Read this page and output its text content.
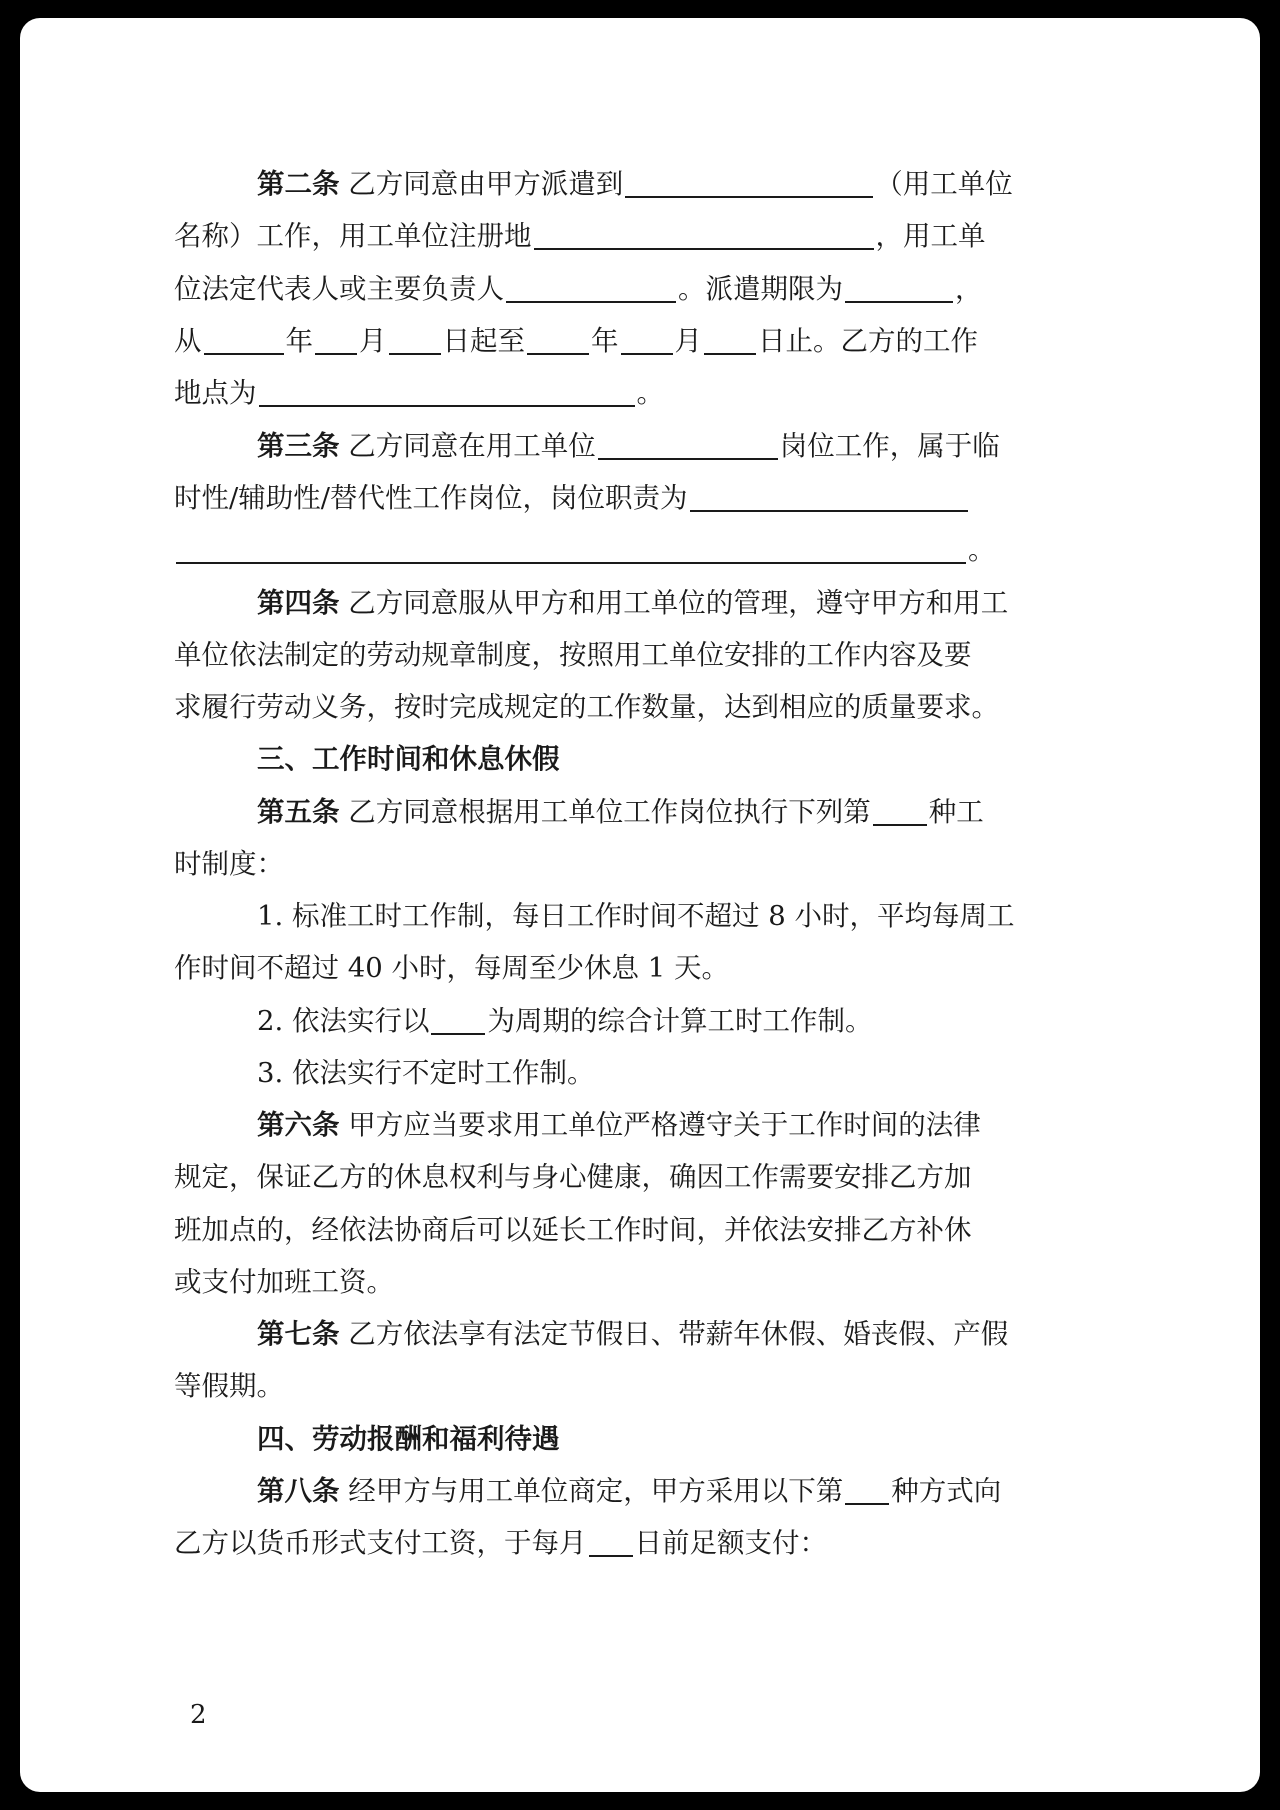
第二条 乙方同意由甲方派遣到	（用工单位
名称）工作，用工单位注册地	，用工单
位法定代表人或主要负责人	。派遣期限为	，
从	年 月 日起至 年 月 日止。乙方的工作
地点为	。
第三条 乙方同意在用工单位	岗位工作，属于临
时性/辅助性/替代性工作岗位，岗位职责为
。
第四条 乙方同意服从甲方和用工单位的管理，遵守甲方和用工
单位依法制定的劳动规章制度，按照用工单位安排的工作内容及要
求履行劳动义务，按时完成规定的工作数量，达到相应的质量要求。
三、工作时间和休息休假
第五条 乙方同意根据用工单位工作岗位执行下列第 种工
时制度：
1. 标准工时工作制，每日工作时间不超过 8 小时，平均每周工
作时间不超过 40 小时，每周至少休息 1 天。
2. 依法实行以 为周期的综合计算工时工作制。
3. 依法实行不定时工作制。
第六条 甲方应当要求用工单位严格遵守关于工作时间的法律
规定，保证乙方的休息权利与身心健康，确因工作需要安排乙方加
班加点的，经依法协商后可以延长工作时间，并依法安排乙方补休
或支付加班工资。
第七条 乙方依法享有法定节假日、带薪年休假、婚丧假、产假
等假期。
四、劳动报酬和福利待遇
第八条 经甲方与用工单位商定，甲方采用以下第 种方式向
乙方以货币形式支付工资，于每月 日前足额支付：
2
